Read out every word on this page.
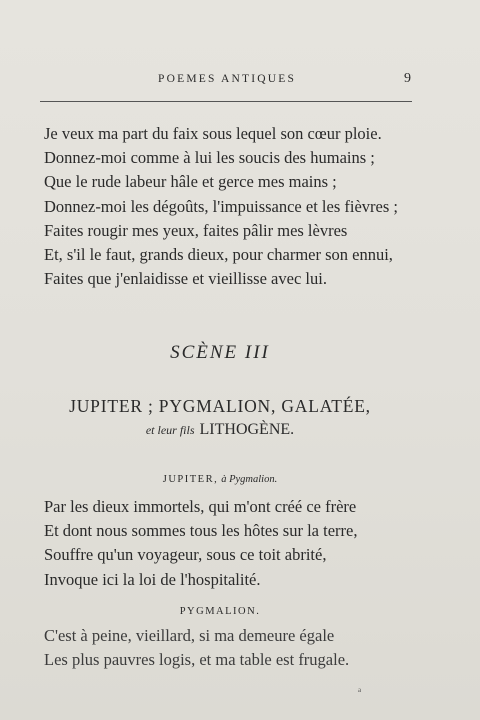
POEMES ANTIQUES	9
Je veux ma part du faix sous lequel son cœur ploie.
Donnez-moi comme à lui les soucis des humains ;
Que le rude labeur hâle et gerce mes mains ;
Donnez-moi les dégoûts, l'impuissance et les fièvres ;
Faites rougir mes yeux, faites pâlir mes lèvres
Et, s'il le faut, grands dieux, pour charmer son ennui,
Faites que j'enlaidisse et vieillisse avec lui.
SCÈNE III
JUPITER ; PYGMALION, GALATÉE,
et leur fils LITHOGÈNE.
JUPITER, à Pygmalion.
Par les dieux immortels, qui m'ont créé ce frère
Et dont nous sommes tous les hôtes sur la terre,
Souffre qu'un voyageur, sous ce toit abrité,
Invoque ici la loi de l'hospitalité.
PYGMALION.
C'est à peine, vieillard, si ma demeure égale
Les plus pauvres logis, et ma table est frugale.
a
